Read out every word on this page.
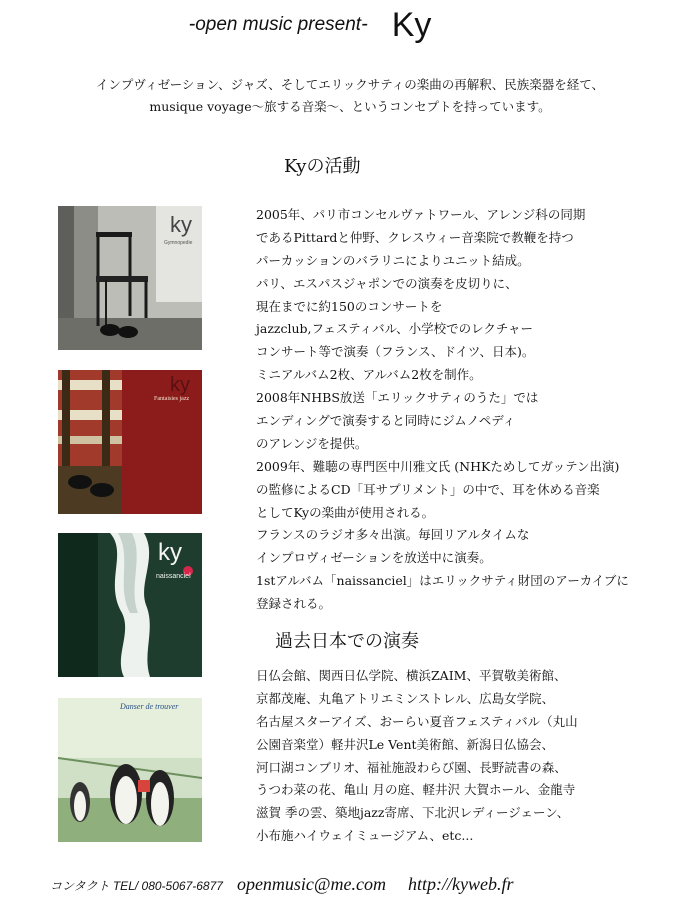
-open music present- Ky
インプヴィゼーション、ジャズ、そしてエリックサティの楽曲の再解釈、民族楽器を経て、
musique voyage〜旅する音楽〜、というコンセプトを持っています。
Kyの活動
ky
Gymnopedie
Fantaisies jazz
ky
ky
naissanciel
Danser de trouver
2005年、パリ市コンセルヴァトワール、アレンジ科の同期
であるPittardと仲野、クレスウィー音楽院で教鞭を持つ
パーカッションのバラリニによりユニット結成。
パリ、エスパスジャポンでの演奏を皮切りに、
現在までに約150のコンサートを
jazzclub,フェスティバル、小学校でのレクチャー
コンサート等で演奏（フランス、ドイツ、日本)。
ミニアルバム2枚、アルバム2枚を制作。
2008年NHBS放送「エリックサティのうた」では
エンディングで演奏すると同時にジムノペディ
のアレンジを提供。
2009年、難聴の専門医中川雅文氏 (NHKためしてガッテン出演)
の監修によるCD「耳サプリメント」の中で、耳を休める音楽
としてKyの楽曲が使用される。
フランスのラジオ多々出演。毎回リアルタイムな
インプロヴィゼーションを放送中に演奏。
1stアルバム「naissanciel」はエリックサティ財団のアーカイブに
登録される。
過去日本での演奏
日仏会館、関西日仏学院、横浜ZAIM、平賀敬美術館、
京都茂庵、丸亀アトリエミンストレル、広島女学院、
名古屋スターアイズ、おーらい夏音フェスティバル（丸山
公園音楽堂）軽井沢Le Vent美術館、新潟日仏協会、
河口湖コンブリオ、福祉施設わらび園、長野読書の森、
うつわ菜の花、亀山 月の庭、軽井沢 大賀ホール、金龍寺
滋賀 季の雲、築地jazz寄席、下北沢レディージェーン、
小布施ハイウェイミュージアム、etc...
コンタクト TEL/ 080-5067-6877 openmusic@me.com http://kyweb.fr
